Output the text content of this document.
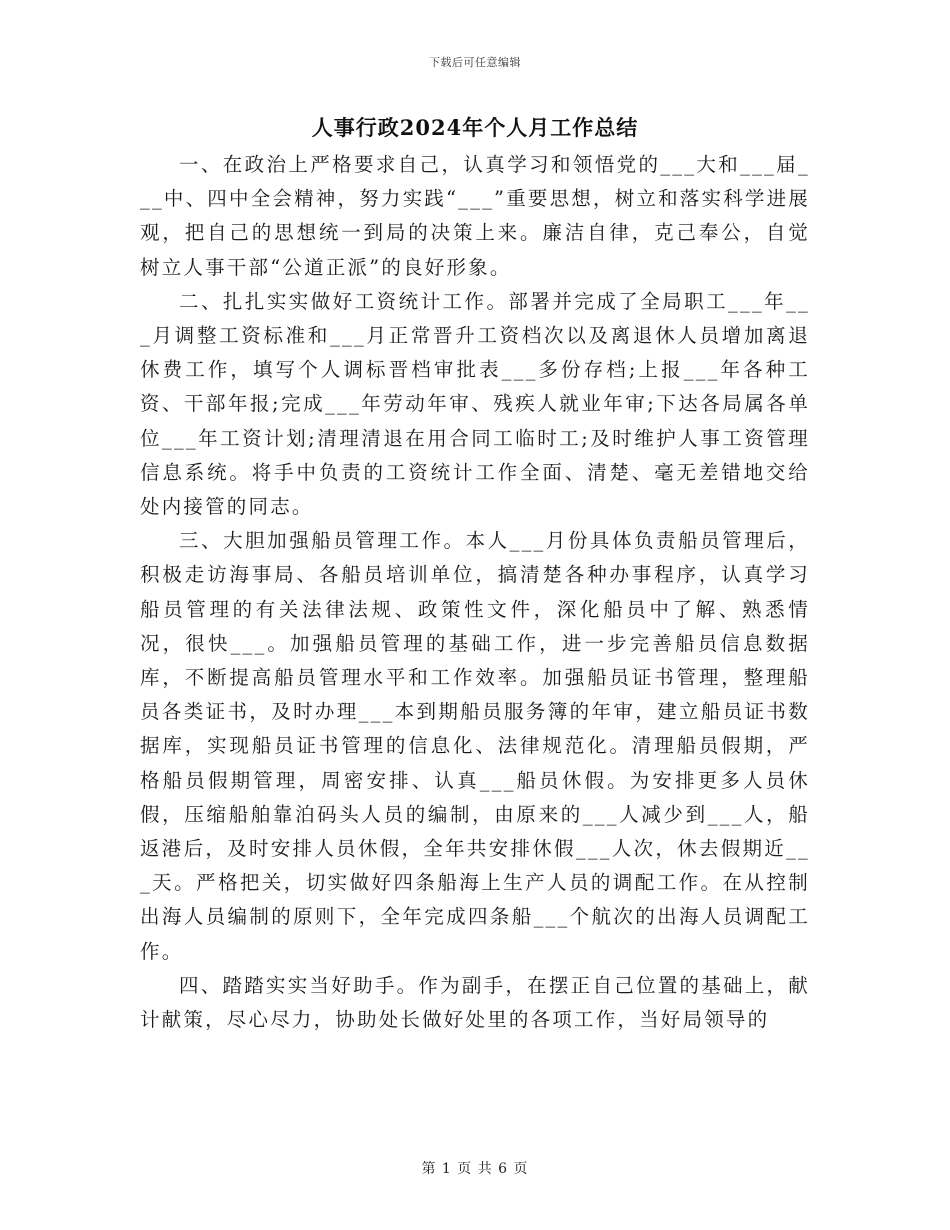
下载后可任意编辑
人事行政2024年个人月工作总结

一、在政治上严格要求自己，认真学习和领悟党的___大和___届___中、四中全会精神，努力实践“___”重要思想，树立和落实科学进展观，把自己的思想统一到局的决策上来。廉洁自律，克己奉公，自觉树立人事干部“公道正派”的良好形象。

二、扎扎实实做好工资统计工作。部署并完成了全局职工___年___月调整工资标准和___月正常晋升工资档次以及离退休人员增加离退休费工作，填写个人调标晋档审批表___多份存档;上报___年各种工资、干部年报;完成___年劳动年审、残疾人就业年审;下达各局属各单位___年工资计划;清理清退在用合同工临时工;及时维护人事工资管理信息系统。将手中负责的工资统计工作全面、清楚、毫无差错地交给处内接管的同志。

三、大胆加强船员管理工作。本人___月份具体负责船员管理后，积极走访海事局、各船员培训单位，搞清楚各种办事程序，认真学习船员管理的有关法律法规、政策性文件，深化船员中了解、熟悉情况，很快___。加强船员管理的基础工作，进一步完善船员信息数据库，不断提高船员管理水平和工作效率。加强船员证书管理，整理船员各类证书，及时办理___本到期船员服务簿的年审，建立船员证书数据库，实现船员证书管理的信息化、法律规范化。清理船员假期，严格船员假期管理，周密安排、认真___船员休假。为安排更多人员休假，压缩船舶靠泊码头人员的编制，由原来的___人减少到___人，船返港后，及时安排人员休假，全年共安排休假___人次，休去假期近___天。严格把关，切实做好四条船海上生产人员的调配工作。在从控制出海人员编制的原则下，全年完成四条船___个航次的出海人员调配工作。

四、踏踏实实当好助手。作为副手，在摆正自己位置的基础上，献计献策，尽心尽力，协助处长做好处里的各项工作，当好局领导的

第 1 页 共 6 页
